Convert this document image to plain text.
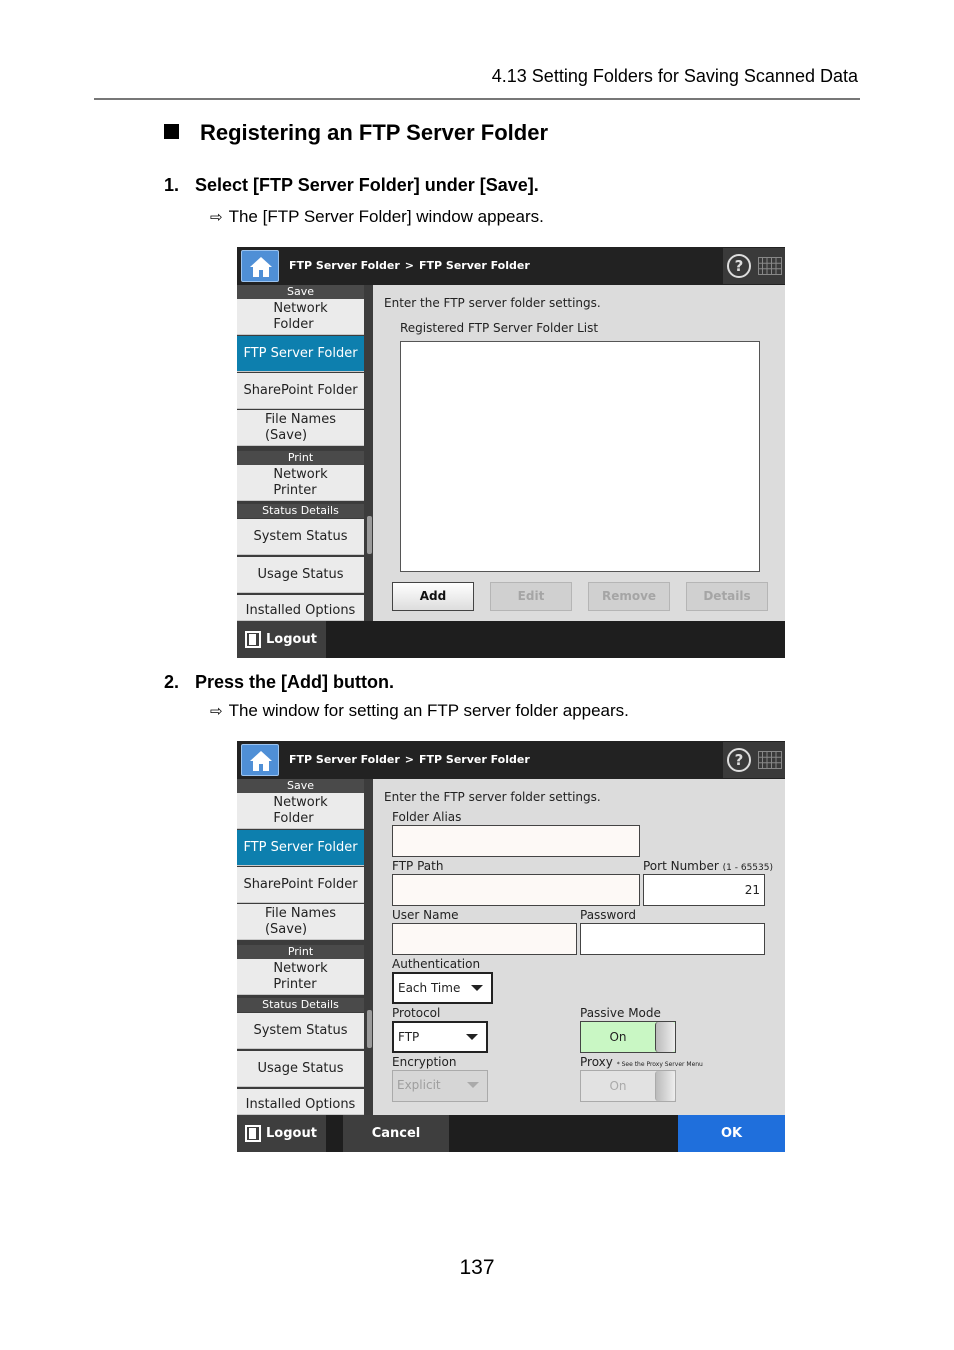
4.13 Setting Folders for Saving Scanned Data
Registering an FTP Server Folder
1. Select [FTP Server Folder] under [Save].
⇨ The [FTP Server Folder] window appears.
FTP Server Folder > FTP Server Folder	?
Save
Network
Folder
FTP Server Folder
SharePoint Folder
File Names
(Save)
Print
Network
Printer
Status Details
System Status
Usage Status
Installed Options
Enter the FTP server folder settings.
Registered FTP Server Folder List
Add	Edit	Remove	Details
Logout
2. Press the [Add] button.
⇨ The window for setting an FTP server folder appears.
FTP Server Folder > FTP Server Folder	?
Save
Network
Folder
FTP Server Folder
SharePoint Folder
File Names
(Save)
Print
Network
Printer
Status Details
System Status
Usage Status
Installed Options
Enter the FTP server folder settings.
Folder Alias
FTP Path	Port Number (1 - 65535)
21
User Name	Password
Authentication
Each Time
Protocol
FTP
Passive Mode
On
Encryption
Explicit
Proxy * See the Proxy Server Menu
On
Logout	Cancel	OK
137
